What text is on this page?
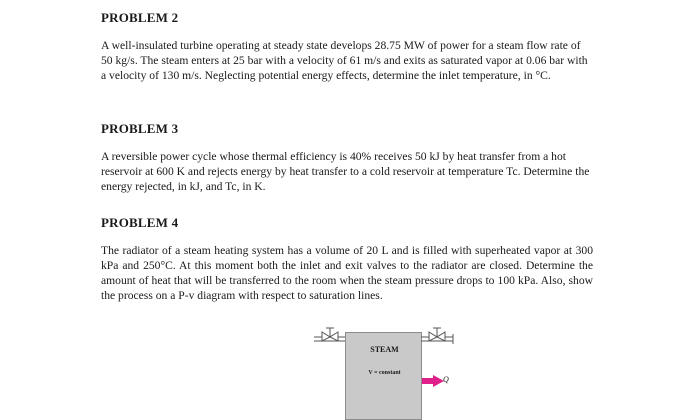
PROBLEM 2
A well-insulated turbine operating at steady state develops 28.75 MW of power for a steam flow rate of 50 kg/s. The steam enters at 25 bar with a velocity of 61 m/s and exits as saturated vapor at 0.06 bar with a velocity of 130 m/s. Neglecting potential energy effects, determine the inlet temperature, in °C.
PROBLEM 3
A reversible power cycle whose thermal efficiency is 40% receives 50 kJ by heat transfer from a hot reservoir at 600 K and rejects energy by heat transfer to a cold reservoir at temperature Tc. Determine the energy rejected, in kJ, and Tc, in K.
PROBLEM 4
The radiator of a steam heating system has a volume of 20 L and is filled with superheated vapor at 300 kPa and 250°C. At this moment both the inlet and exit valves to the radiator are closed. Determine the amount of heat that will be transferred to the room when the steam pressure drops to 100 kPa. Also, show the process on a P-v diagram with respect to saturation lines.
STEAM
V = constant
Q
